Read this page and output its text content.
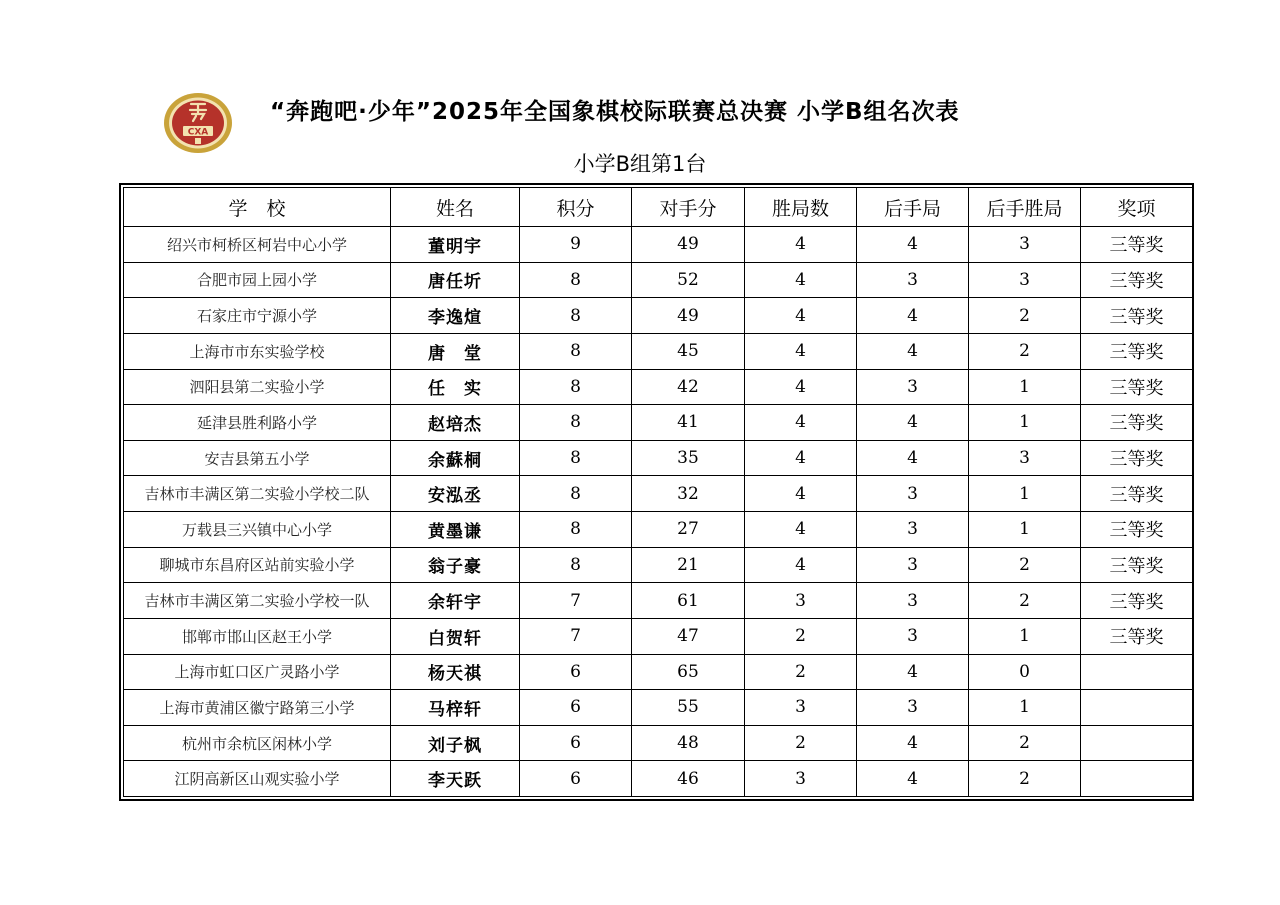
CXA
“奔跑吧·少年”2025年全国象棋校际联赛总决赛 小学B组名次表
小学B组第1台
学　校	姓名	积分	对手分	胜局数	后手局	后手胜局	奖项
绍兴市柯桥区柯岩中心小学	董明宇	9	49	4	4	3	三等奖
合肥市园上园小学	唐任圻	8	52	4	3	3	三等奖
石家庄市宁源小学	李逸煊	8	49	4	4	2	三等奖
上海市市东实验学校	唐　堂	8	45	4	4	2	三等奖
泗阳县第二实验小学	任　实	8	42	4	3	1	三等奖
延津县胜利路小学	赵培杰	8	41	4	4	1	三等奖
安吉县第五小学	余蘇桐	8	35	4	4	3	三等奖
吉林市丰满区第二实验小学校二队	安泓丞	8	32	4	3	1	三等奖
万载县三兴镇中心小学	黄墨谦	8	27	4	3	1	三等奖
聊城市东昌府区站前实验小学	翁子豪	8	21	4	3	2	三等奖
吉林市丰满区第二实验小学校一队	余轩宇	7	61	3	3	2	三等奖
邯郸市邯山区赵王小学	白贺轩	7	47	2	3	1	三等奖
上海市虹口区广灵路小学	杨天祺	6	65	2	4	0	
上海市黄浦区徽宁路第三小学	马梓轩	6	55	3	3	1	
杭州市余杭区闲林小学	刘子枫	6	48	2	4	2	
江阴高新区山观实验小学	李天跃	6	46	3	4	2	
